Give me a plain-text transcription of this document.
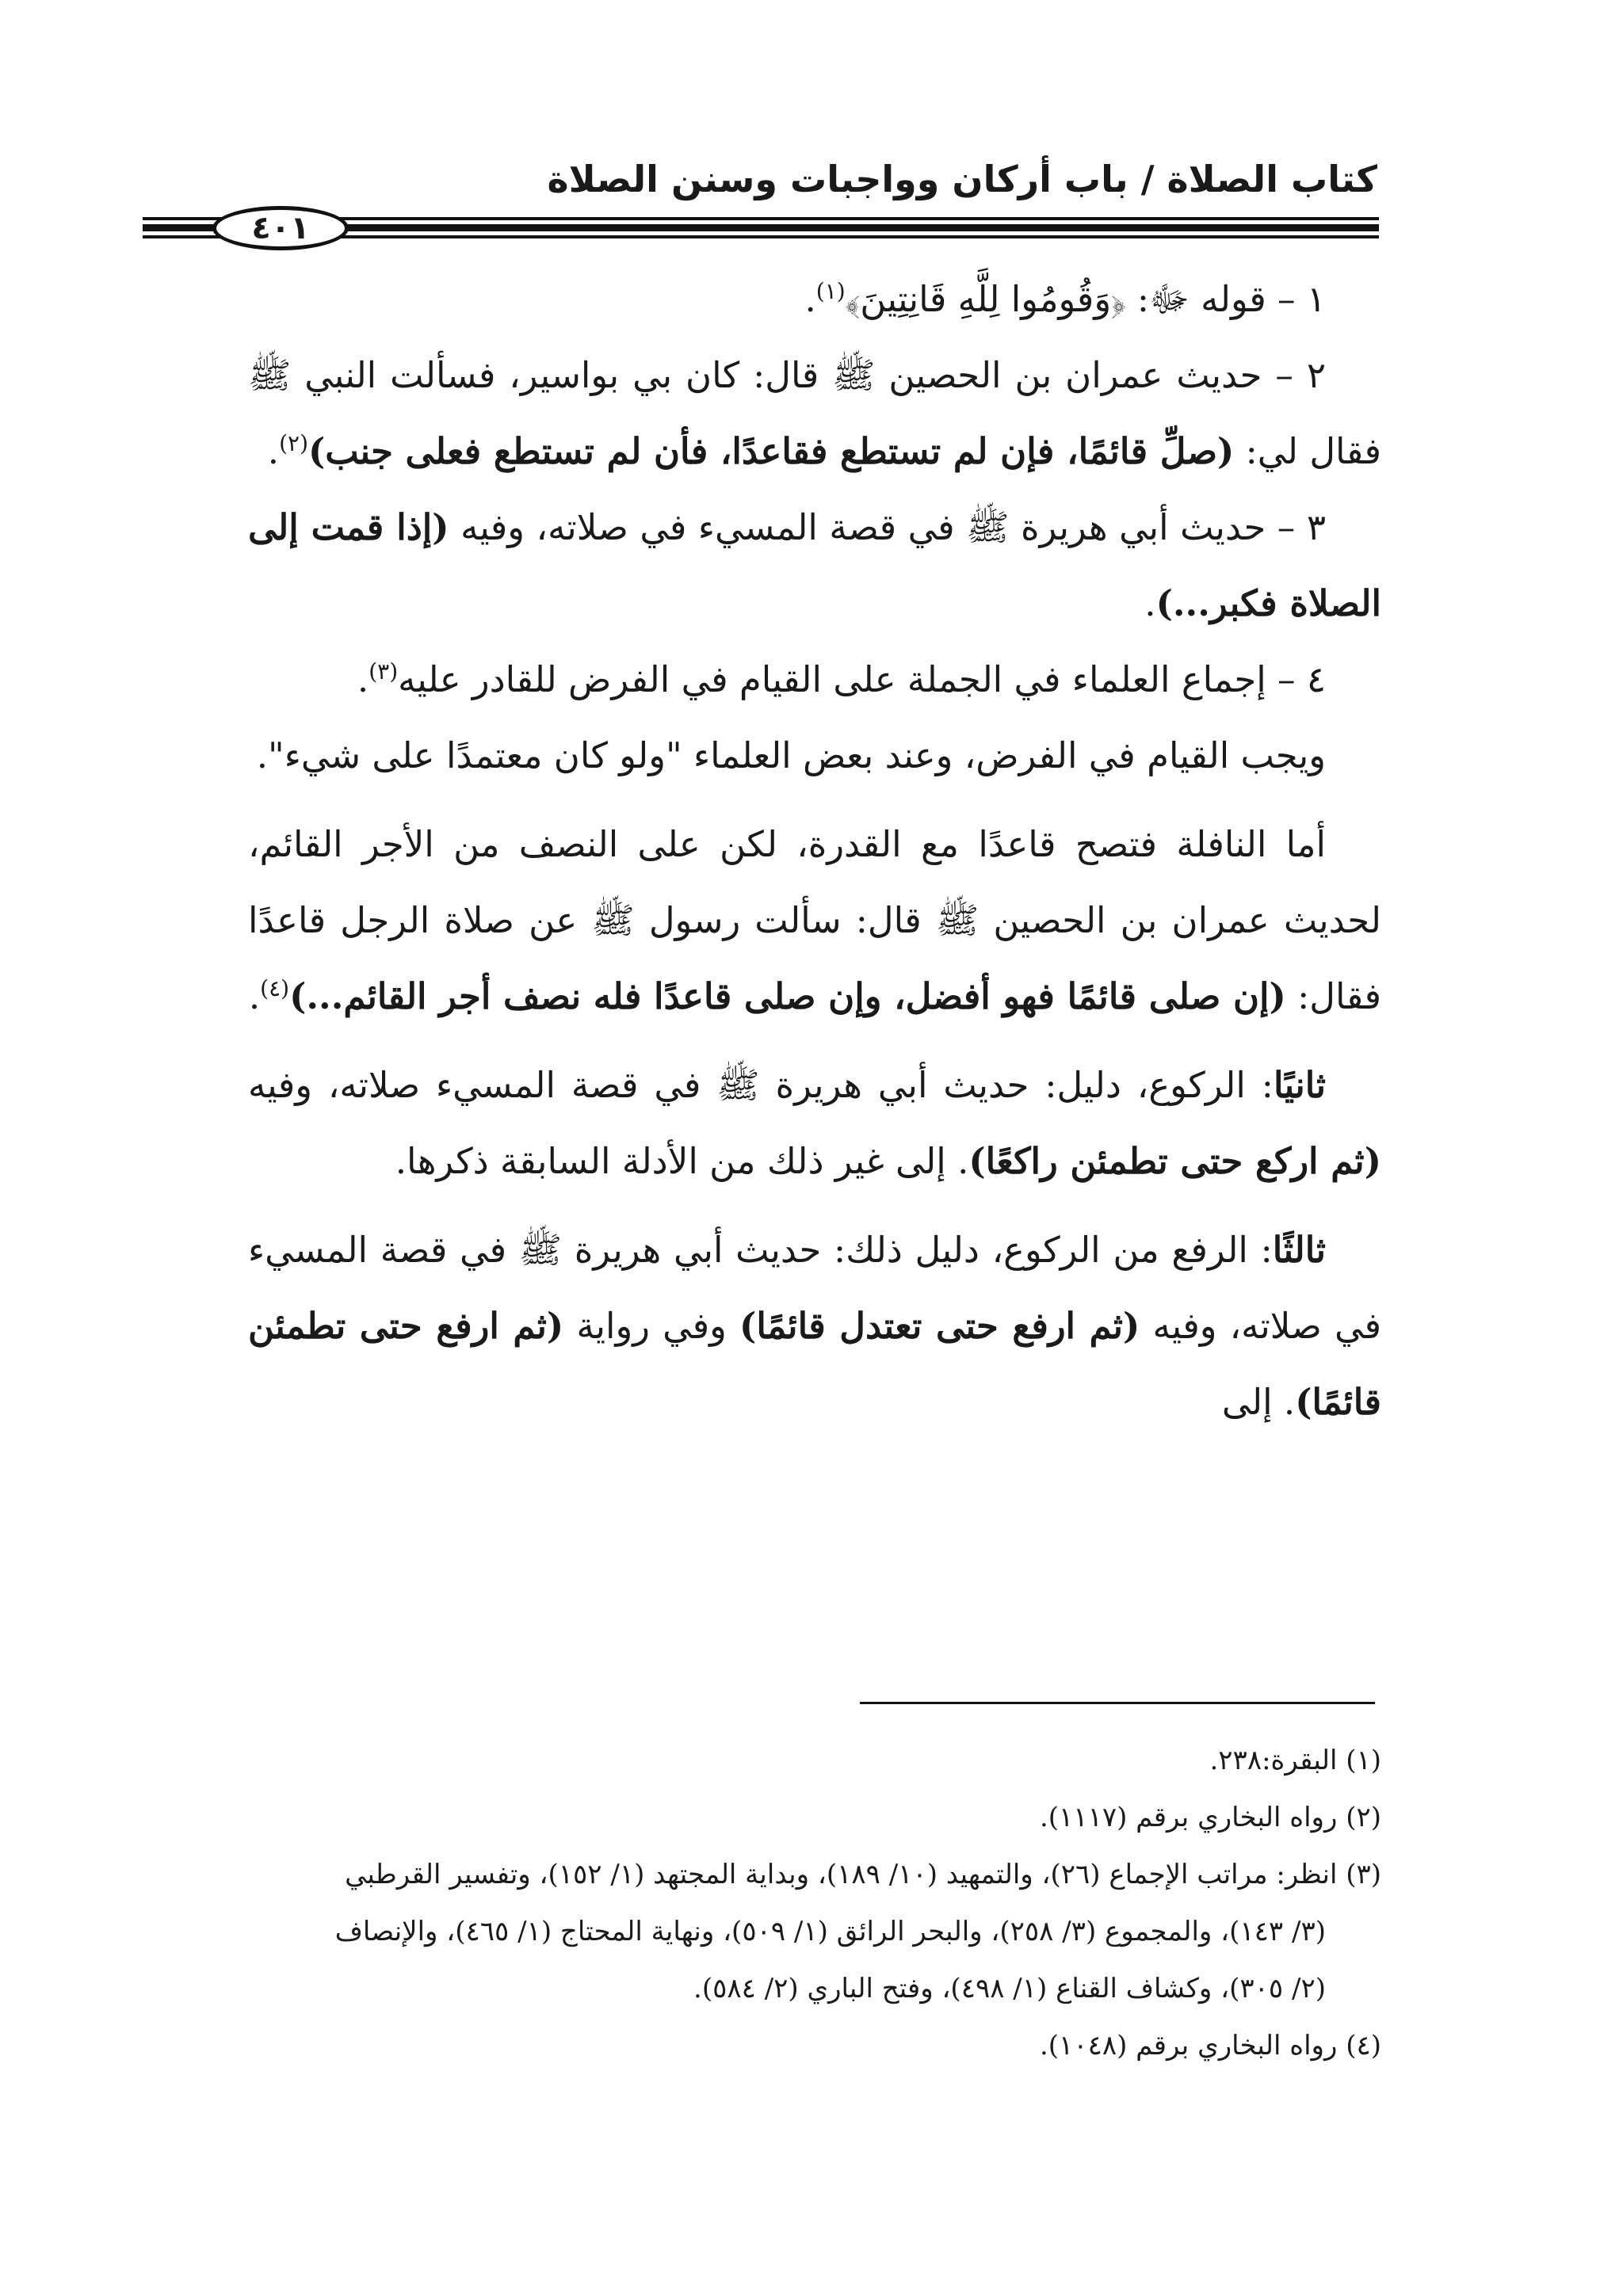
كتاب الصلاة / باب أركان وواجبات وسنن الصلاة
٤٠١

١ – قوله ﷻ: ﴿وَقُومُوا لِلَّهِ قَانِتِينَ﴾$^{(١)}$.

٢ – حديث عمران بن الحصين ﷺ قال: كان بي بواسير، فسألت النبي ﷺ فقال لي: (صلِّ قائمًا، فإن لم تستطع فقاعدًا، فأن لم تستطع فعلى جنب)$^{(٢)}$.

٣ – حديث أبي هريرة ﷺ في قصة المسيء في صلاته، وفيه (إذا قمت إلى الصلاة فكبر...).

٤ – إجماع العلماء في الجملة على القيام في الفرض للقادر عليه$^{(٣)}$.

ويجب القيام في الفرض، وعند بعض العلماء "ولو كان معتمدًا على شيء".

أما النافلة فتصح قاعدًا مع القدرة، لكن على النصف من الأجر القائم، لحديث عمران بن الحصين ﷺ قال: سألت رسول ﷺ عن صلاة الرجل قاعدًا فقال: (إن صلى قائمًا فهو أفضل، وإن صلى قاعدًا فله نصف أجر القائم...)$^{(٤)}$.

ثانيًا: الركوع، دليل: حديث أبي هريرة ﷺ في قصة المسيء صلاته، وفيه (ثم اركع حتى تطمئن راكعًا). إلى غير ذلك من الأدلة السابقة ذكرها.

ثالثًا: الرفع من الركوع، دليل ذلك: حديث أبي هريرة ﷺ في قصة المسيء في صلاته، وفيه (ثم ارفع حتى تعتدل قائمًا) وفي رواية (ثم ارفع حتى تطمئن قائمًا). إلى

(١) البقرة:٢٣٨.

(٢) رواه البخاري برقم (١١١٧).

(٣) انظر: مراتب الإجماع (٢٦)، والتمهيد (١٠/ ١٨٩)، وبداية المجتهد (١/ ١٥٢)، وتفسير القرطبي

(٣/ ١٤٣)، والمجموع (٣/ ٢٥٨)، والبحر الرائق (١/ ٥٠٩)، ونهاية المحتاج (١/ ٤٦٥)، والإنصاف

(٢/ ٣٠٥)، وكشاف القناع (١/ ٤٩٨)، وفتح الباري (٢/ ٥٨٤).

(٤) رواه البخاري برقم (١٠٤٨).
